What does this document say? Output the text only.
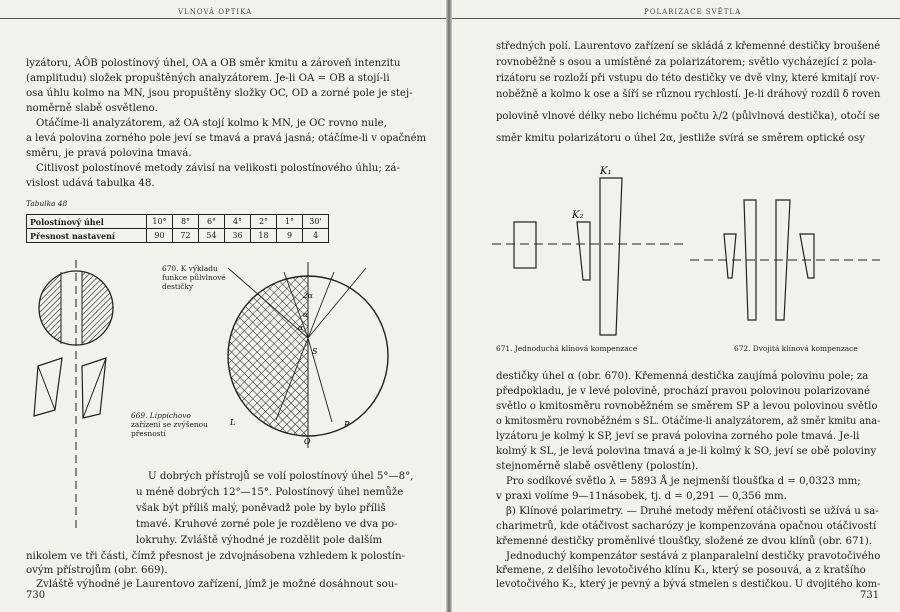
VLNOVÁ OPTIKA
lyzátoru, AÔB polostínový úhel, OA a OB směr kmitu a zároveň intenzitu
(amplitudu) složek propuštěných analyzátorem. Je-li OA = OB a stojí-li
osa úhlu kolmo na MN, jsou propuštěny složky OC, OD a zorné pole je stej-
noměrně slabě osvětleno.
Otáčíme-li analyzátorem, až OA stojí kolmo k MN, je OC rovno nule,
a levá polovina zorného pole jeví se tmavá a pravá jasná; otáčíme-li v opačném
směru, je pravá polovina tmavá.
Citlivost polostínové metody závisí na velikosti polostínového úhlu; zá-
vislost udává tabulka 48.
Tabulka 48
Polostínový úhel	10°	8°	6°	4°	2°	1°	30'
Přesnost nastavení	90	72	54	36	18	9	4
669. Lippichovo
zařízení se zvýšenou
přesností
2α
α
α
S
L
O
P
670. K výkladu
funkce půlvlnové
destičky
U dobrých přístrojů se volí polostínový úhel 5°—8°,
u méně dobrých 12°—15°. Polostínový úhel nemůže
však být příliš malý, poněvadž pole by bylo příliš
tmavé. Kruhové zorné pole je rozděleno ve dva po-
lokruhy. Zvláště výhodné je rozdělit pole dalším
nikolem ve tři části, čímž přesnost je zdvojnásobena vzhledem k polostín-
ovým přístrojům (obr. 669).
Zvláště výhodné je Laurentovo zařízení, jímž je možné dosáhnout sou-
730
POLARIZACE SVĚTLA
středných polí. Laurentovo zařízení se skládá z křemenné destičky broušené
rovnoběžně s osou a umístěné za polarizátorem; světlo vycházející z pola-
rizátoru se rozloží při vstupu do této destičky ve dvě vlny, které kmitají rov-
noběžně a kolmo k ose a šíří se různou rychlostí. Je-li dráhový rozdíl δ roven
polovině vlnové délky nebo lichému počtu λ/2 (půlvlnová destička), otočí se
směr kmitu polarizátoru o úhel 2α, jestliže svírá se směrem optické osy
K₁
K₂
671. Jednoduchá klínová kompenzace	672. Dvojitá klínová kompenzace
destičky úhel α (obr. 670). Křemenná destička zaujímá polovinu pole; za
předpokladu, je v levé polovině, prochází pravou polovinou polarizované
světlo o kmitosměru rovnoběžném se směrem SP a levou polovinou světlo
o kmitosměru rovnoběžném s SL. Otáčíme-li analyzátorem, až směr kmitu ana-
lyzátoru je kolmý k SP, jeví se pravá polovina zorného pole tmavá. Je-li
kolmý k SL, je levá polovina tmavá a je-li kolmý k SO, jeví se obě poloviny
stejnoměrně slabě osvětleny (polostín).
Pro sodíkové světlo λ = 5893 Å je nejmenší tloušťka d = 0,0323 mm;
v praxi volíme 9—11násobek, tj. d = 0,291 — 0,356 mm.
β) Klínové polarimetry. — Druhé metody měření otáčivosti se užívá u sa-
charimetrů, kde otáčivost sacharózy je kompenzována opačnou otáčivostí
křemenné destičky proměnlivé tloušťky, složené ze dvou klínů (obr. 671).
Jednoduchý kompenzátor sestává z planparalelní destičky pravotočivého
křemene, z delšího levotočivého klínu K₁, který se posouvá, a z kratšího
levotočivého K₂, který je pevný a bývá stmelen s destičkou. U dvojitého kom-
731
